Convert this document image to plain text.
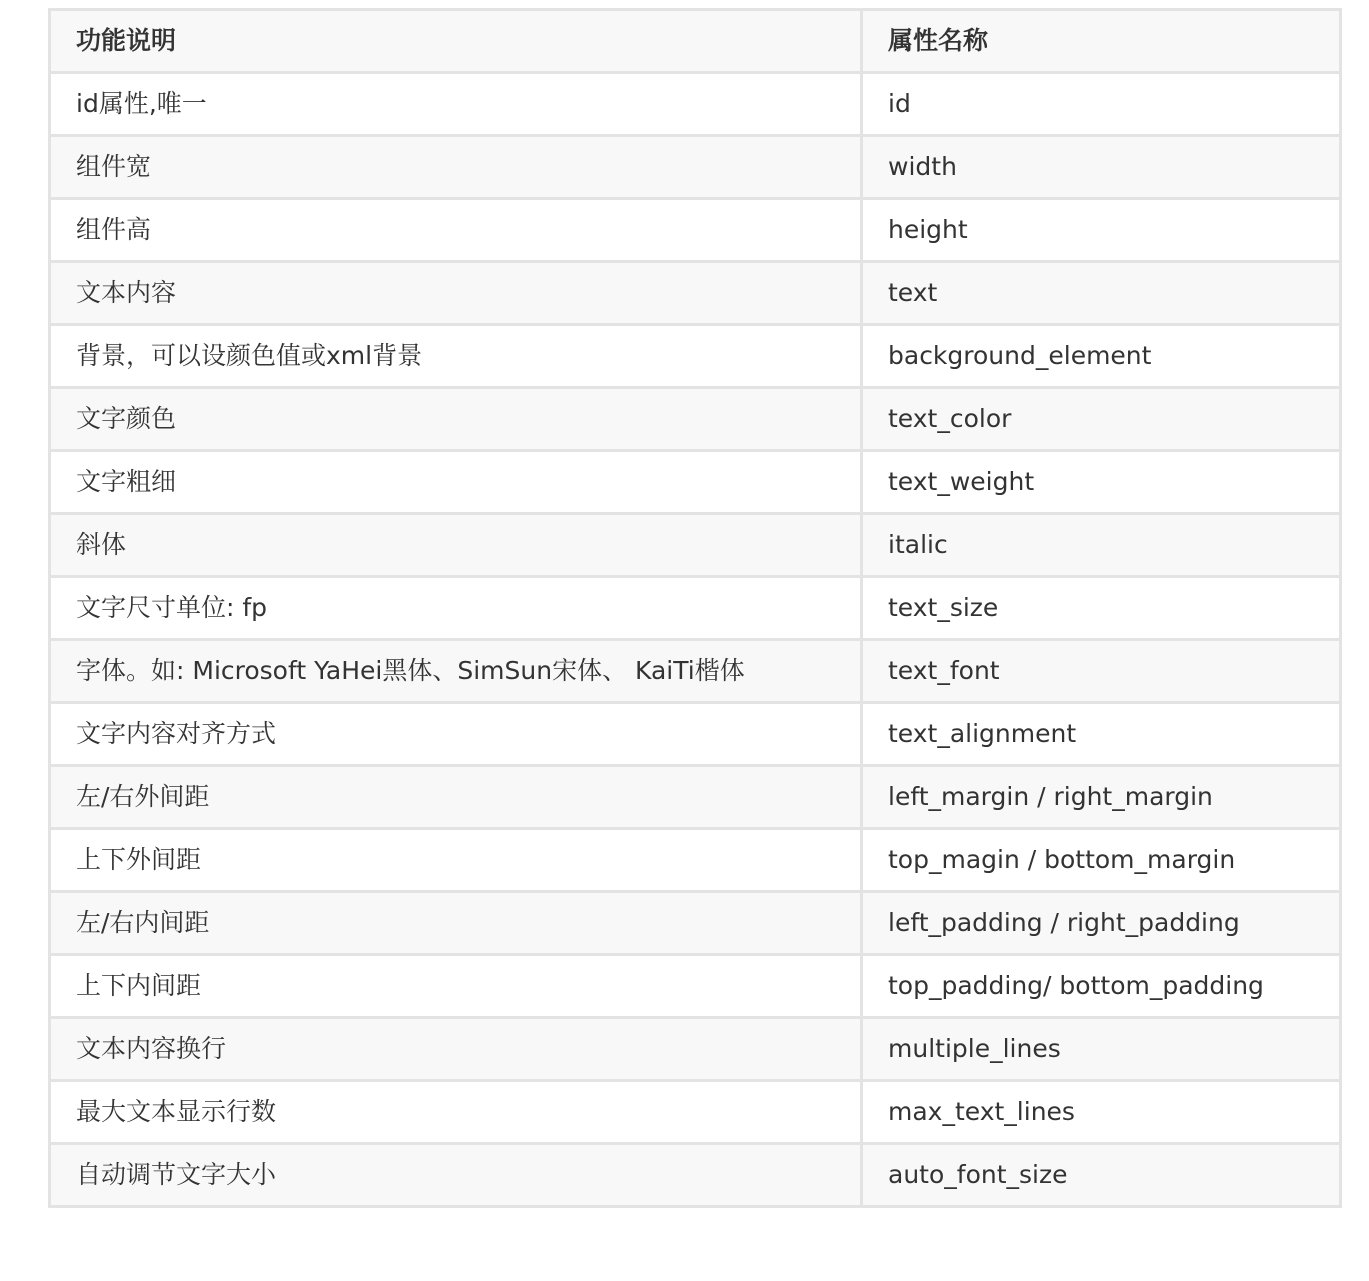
功能说明	属性名称
id属性,唯一	id
组件宽	width
组件高	height
文本内容	text
背景，可以设颜色值或xml背景	background_element
文字颜色	text_color
文字粗细	text_weight
斜体	italic
文字尺寸单位: fp	text_size
字体。如: Microsoft YaHei黑体、SimSun宋体、 KaiTi楷体	text_font
文字内容对齐方式	text_alignment
左/右外间距	left_margin / right_margin
上下外间距	top_magin / bottom_margin
左/右内间距	left_padding / right_padding
上下内间距	top_padding/ bottom_padding
文本内容换行	multiple_lines
最大文本显示行数	max_text_lines
自动调节文字大小	auto_font_size
